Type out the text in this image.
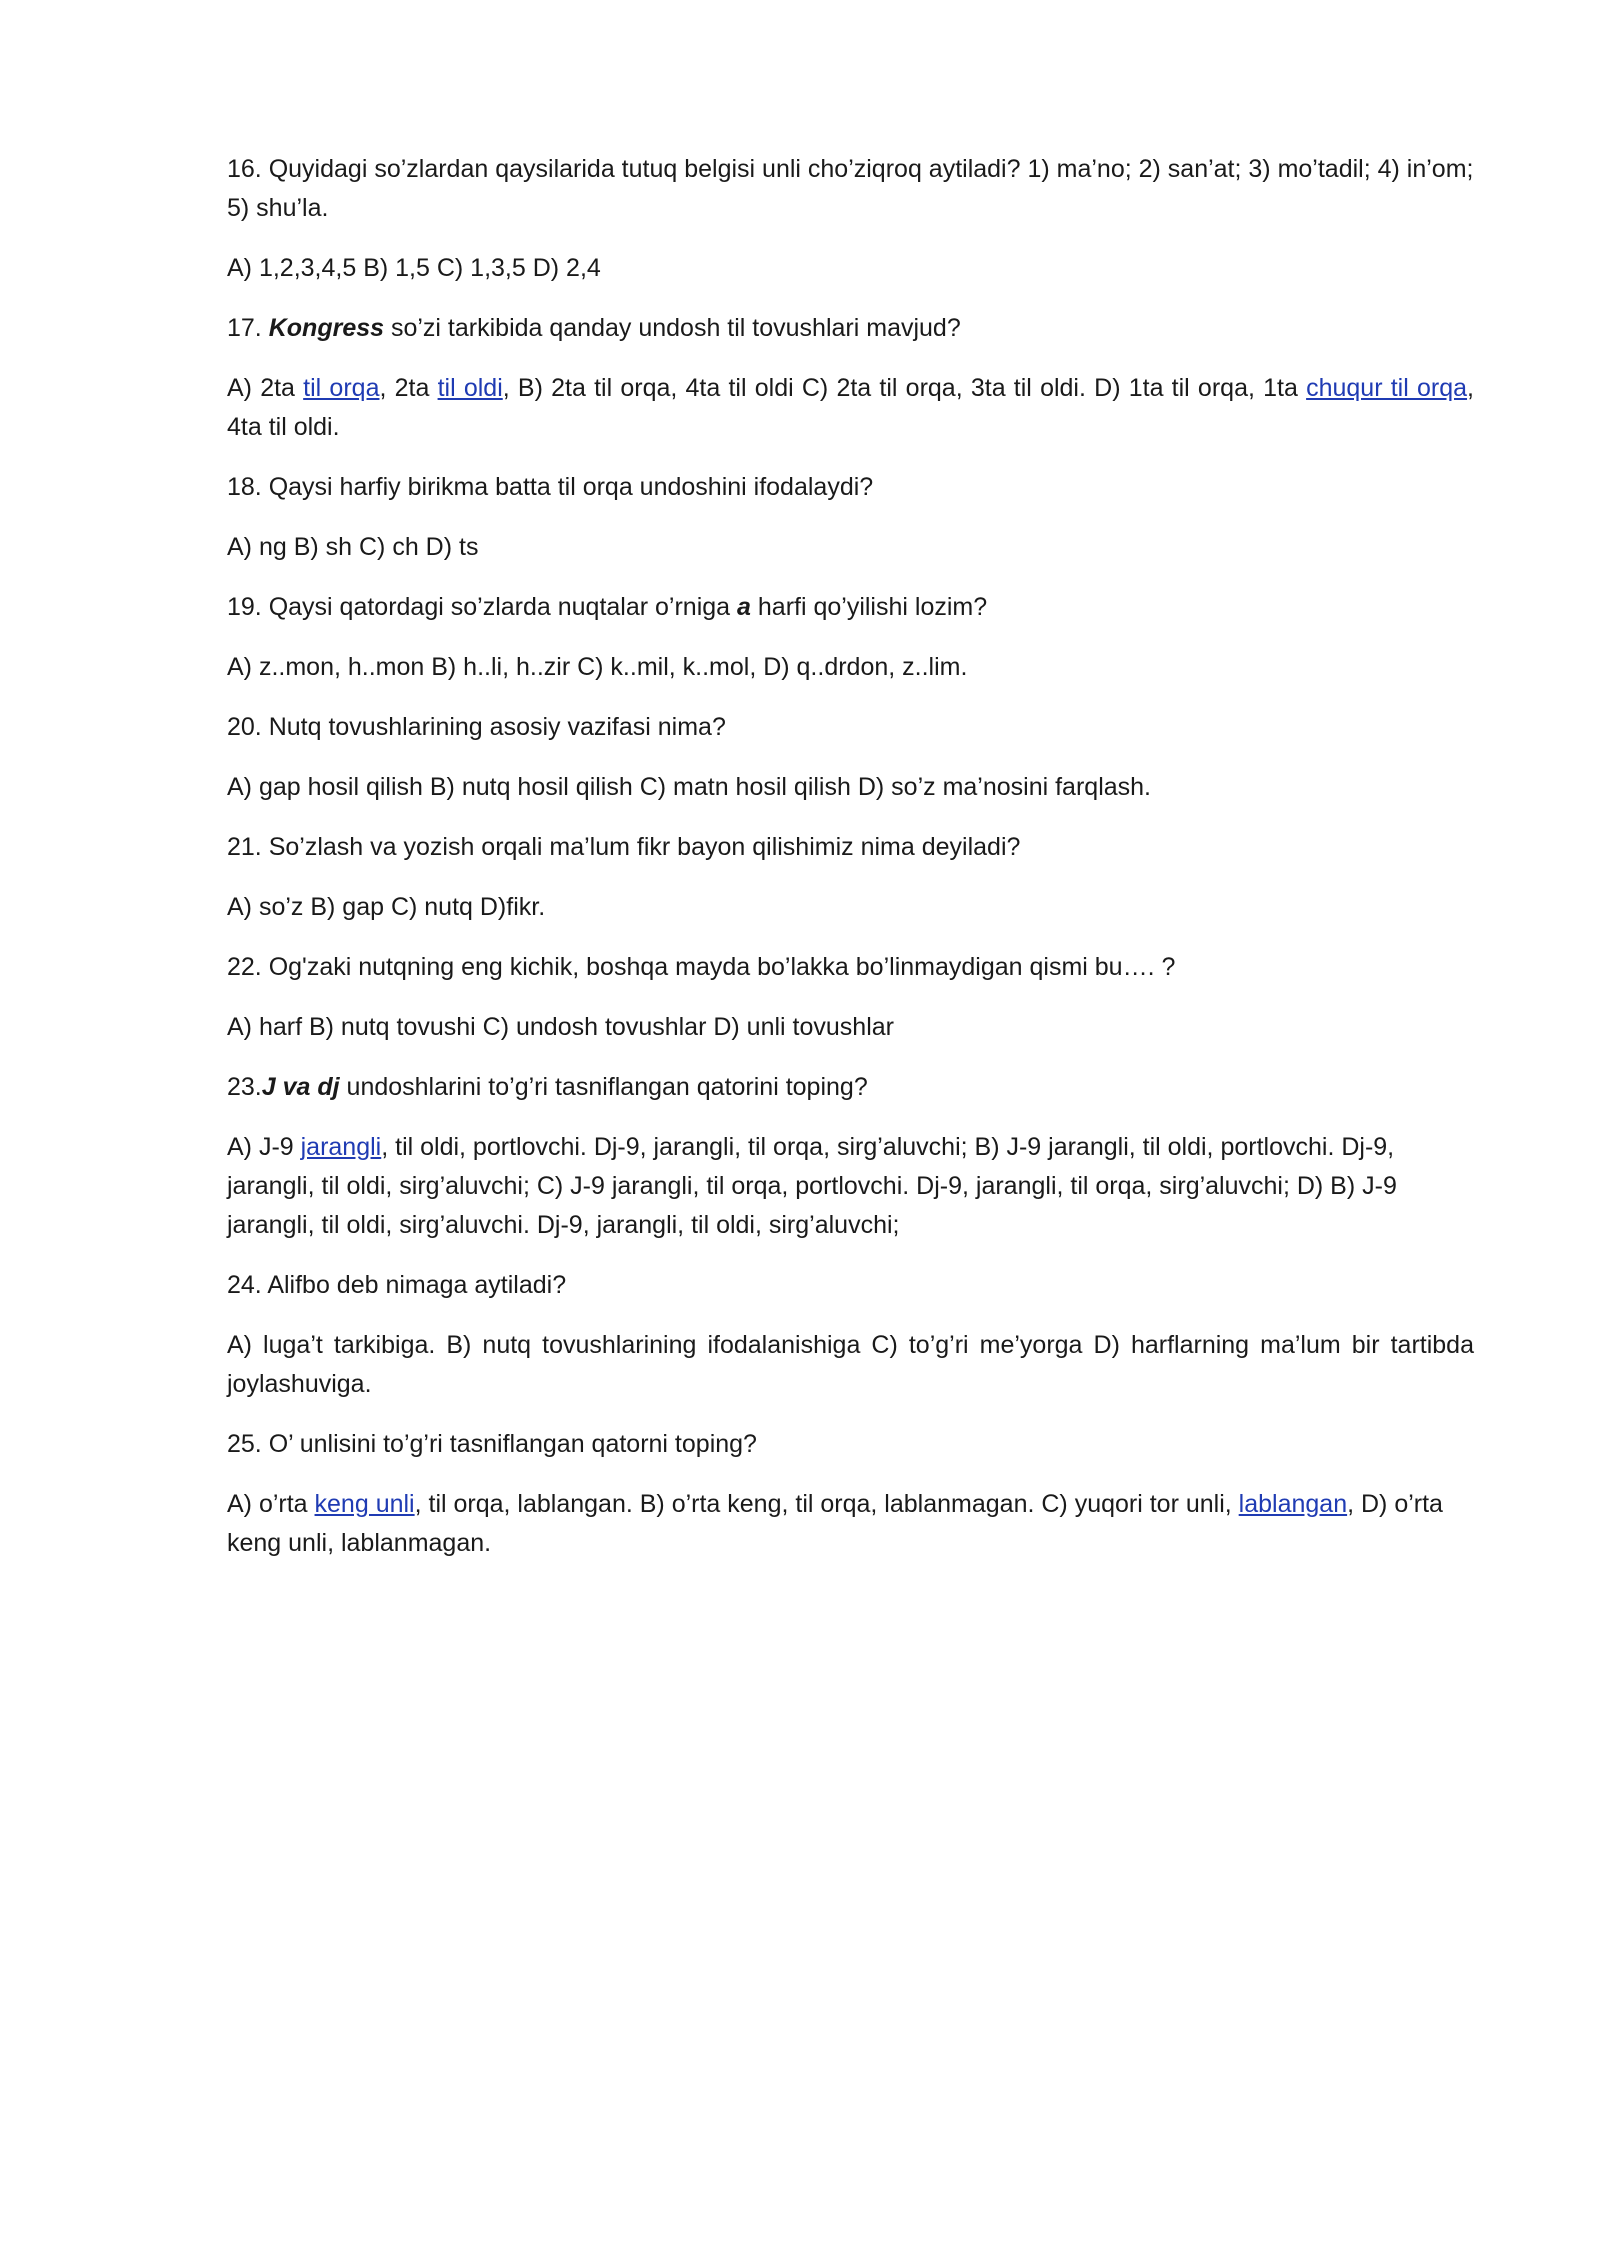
16. Quyidagi so’zlardan qaysilarida tutuq belgisi unli cho’ziqroq aytiladi? 1) ma’no; 2) san’at; 3) mo’tadil; 4) in’om; 5) shu’la.

A) 1,2,3,4,5 B) 1,5 C) 1,3,5 D) 2,4

17. Kongress so’zi tarkibida qanday undosh til tovushlari mavjud?

A) 2ta til orqa, 2ta til oldi, B) 2ta til orqa, 4ta til oldi C) 2ta til orqa, 3ta til oldi. D) 1ta til orqa, 1ta chuqur til orqa, 4ta til oldi.

18. Qaysi harfiy birikma batta til orqa undoshini ifodalaydi?

A) ng B) sh C) ch D) ts

19. Qaysi qatordagi so’zlarda nuqtalar o’rniga a harfi qo’yilishi lozim?

A) z..mon, h..mon B) h..li, h..zir C) k..mil, k..mol, D) q..drdon, z..lim.

20. Nutq tovushlarining asosiy vazifasi nima?

A) gap hosil qilish B) nutq hosil qilish C) matn hosil qilish D) so’z ma’nosini farqlash.

21. So’zlash va yozish orqali ma’lum fikr bayon qilishimiz nima deyiladi?

A) so’z B) gap C) nutq D)fikr.

22. Og'zaki nutqning eng kichik, boshqa mayda bo’lakka bo’linmaydigan qismi bu…. ?

A) harf B) nutq tovushi C) undosh tovushlar D) unli tovushlar

23.J va dj undoshlarini to’g’ri tasniflangan qatorini toping?

A) J-9 jarangli, til oldi, portlovchi. Dj-9, jarangli, til orqa, sirg’aluvchi; B) J-9 jarangli, til oldi, portlovchi. Dj-9, jarangli, til oldi, sirg’aluvchi; C) J-9 jarangli, til orqa, portlovchi. Dj-9, jarangli, til orqa, sirg’aluvchi; D) B) J-9 jarangli, til oldi, sirg’aluvchi. Dj-9, jarangli, til oldi, sirg’aluvchi;

24. Alifbo deb nimaga aytiladi?

A) luga’t tarkibiga. B) nutq tovushlarining ifodalanishiga C) to’g’ri me’yorga D) harflarning ma’lum bir tartibda joylashuviga.

25. O’ unlisini to’g’ri tasniflangan qatorni toping?

A) o’rta keng unli, til orqa, lablangan. B) o’rta keng, til orqa, lablanmagan. C) yuqori tor unli, lablangan, D) o’rta keng unli, lablanmagan.
